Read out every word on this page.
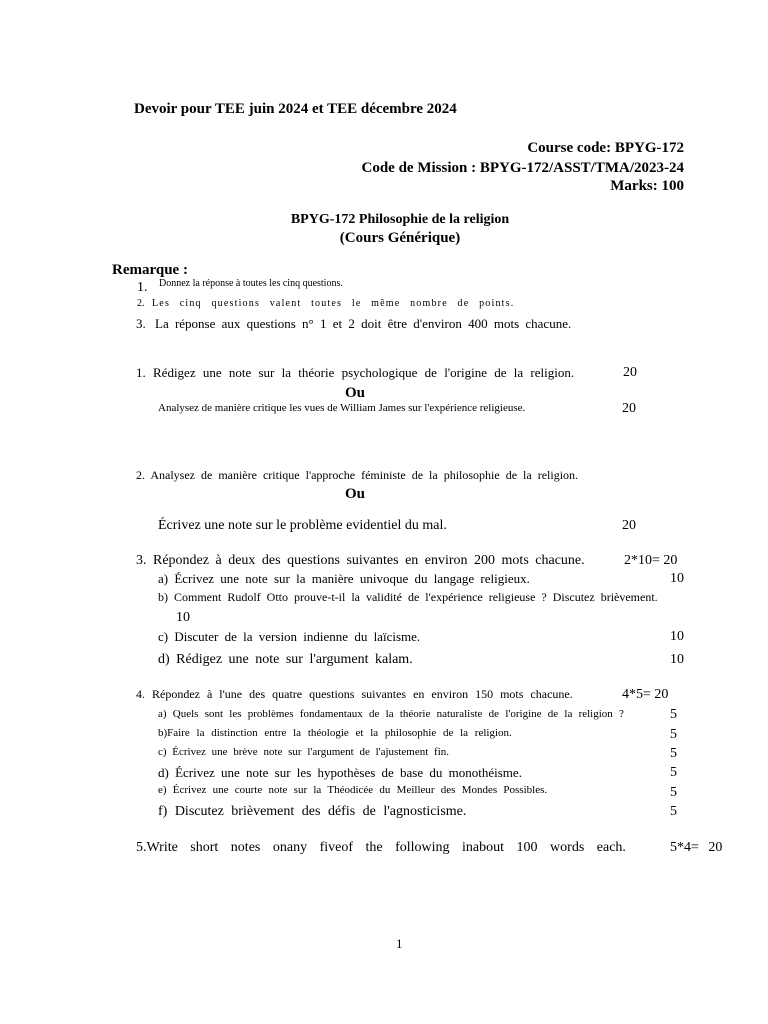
Devoir pour TEE juin 2024 et TEE décembre 2024
Course code: BPYG-172
Code de Mission : BPYG-172/ASST/TMA/2023-24
Marks: 100
BPYG-172 Philosophie de la religion
(Cours Générique)
Remarque :
1. Donnez la réponse à toutes les cinq questions.
2. Les cinq questions valent toutes le même nombre de points.
3. La réponse aux questions n° 1 et 2 doit être d'environ 400 mots chacune.
1. Rédigez une note sur la théorie psychologique de l'origine de la religion.	20
Ou
Analysez de manière critique les vues de William James sur l'expérience religieuse.	20
2. Analysez de manière critique l'approche féministe de la philosophie de la religion.
Ou
Écrivez une note sur le problème evidentiel du mal.	20
3. Répondez à deux des questions suivantes en environ 200 mots chacune.	2*10= 20
a) Écrivez une note sur la manière univoque du langage religieux.	10
b) Comment Rudolf Otto prouve-t-il la validité de l'expérience religieuse ? Discutez brièvement.
10
c) Discuter de la version indienne du laïcisme.	10
d) Rédigez une note sur l'argument kalam.	10
4. Répondez à l'une des quatre questions suivantes en environ 150 mots chacune.	4*5= 20
a) Quels sont les problèmes fondamentaux de la théorie naturaliste de l'origine de la religion ?	5
b)Faire la distinction entre la théologie et la philosophie de la religion.	5
c) Écrivez une brève note sur l'argument de l'ajustement fin.	5
d) Écrivez une note sur les hypothèses de base du monothéisme.	5
e) Écrivez une courte note sur la Théodicée du Meilleur des Mondes Possibles.	5
f) Discutez brièvement des défis de l'agnosticisme.	5
5.Write short notes onany fiveof the following inabout 100 words each.	5*4= 20
1
